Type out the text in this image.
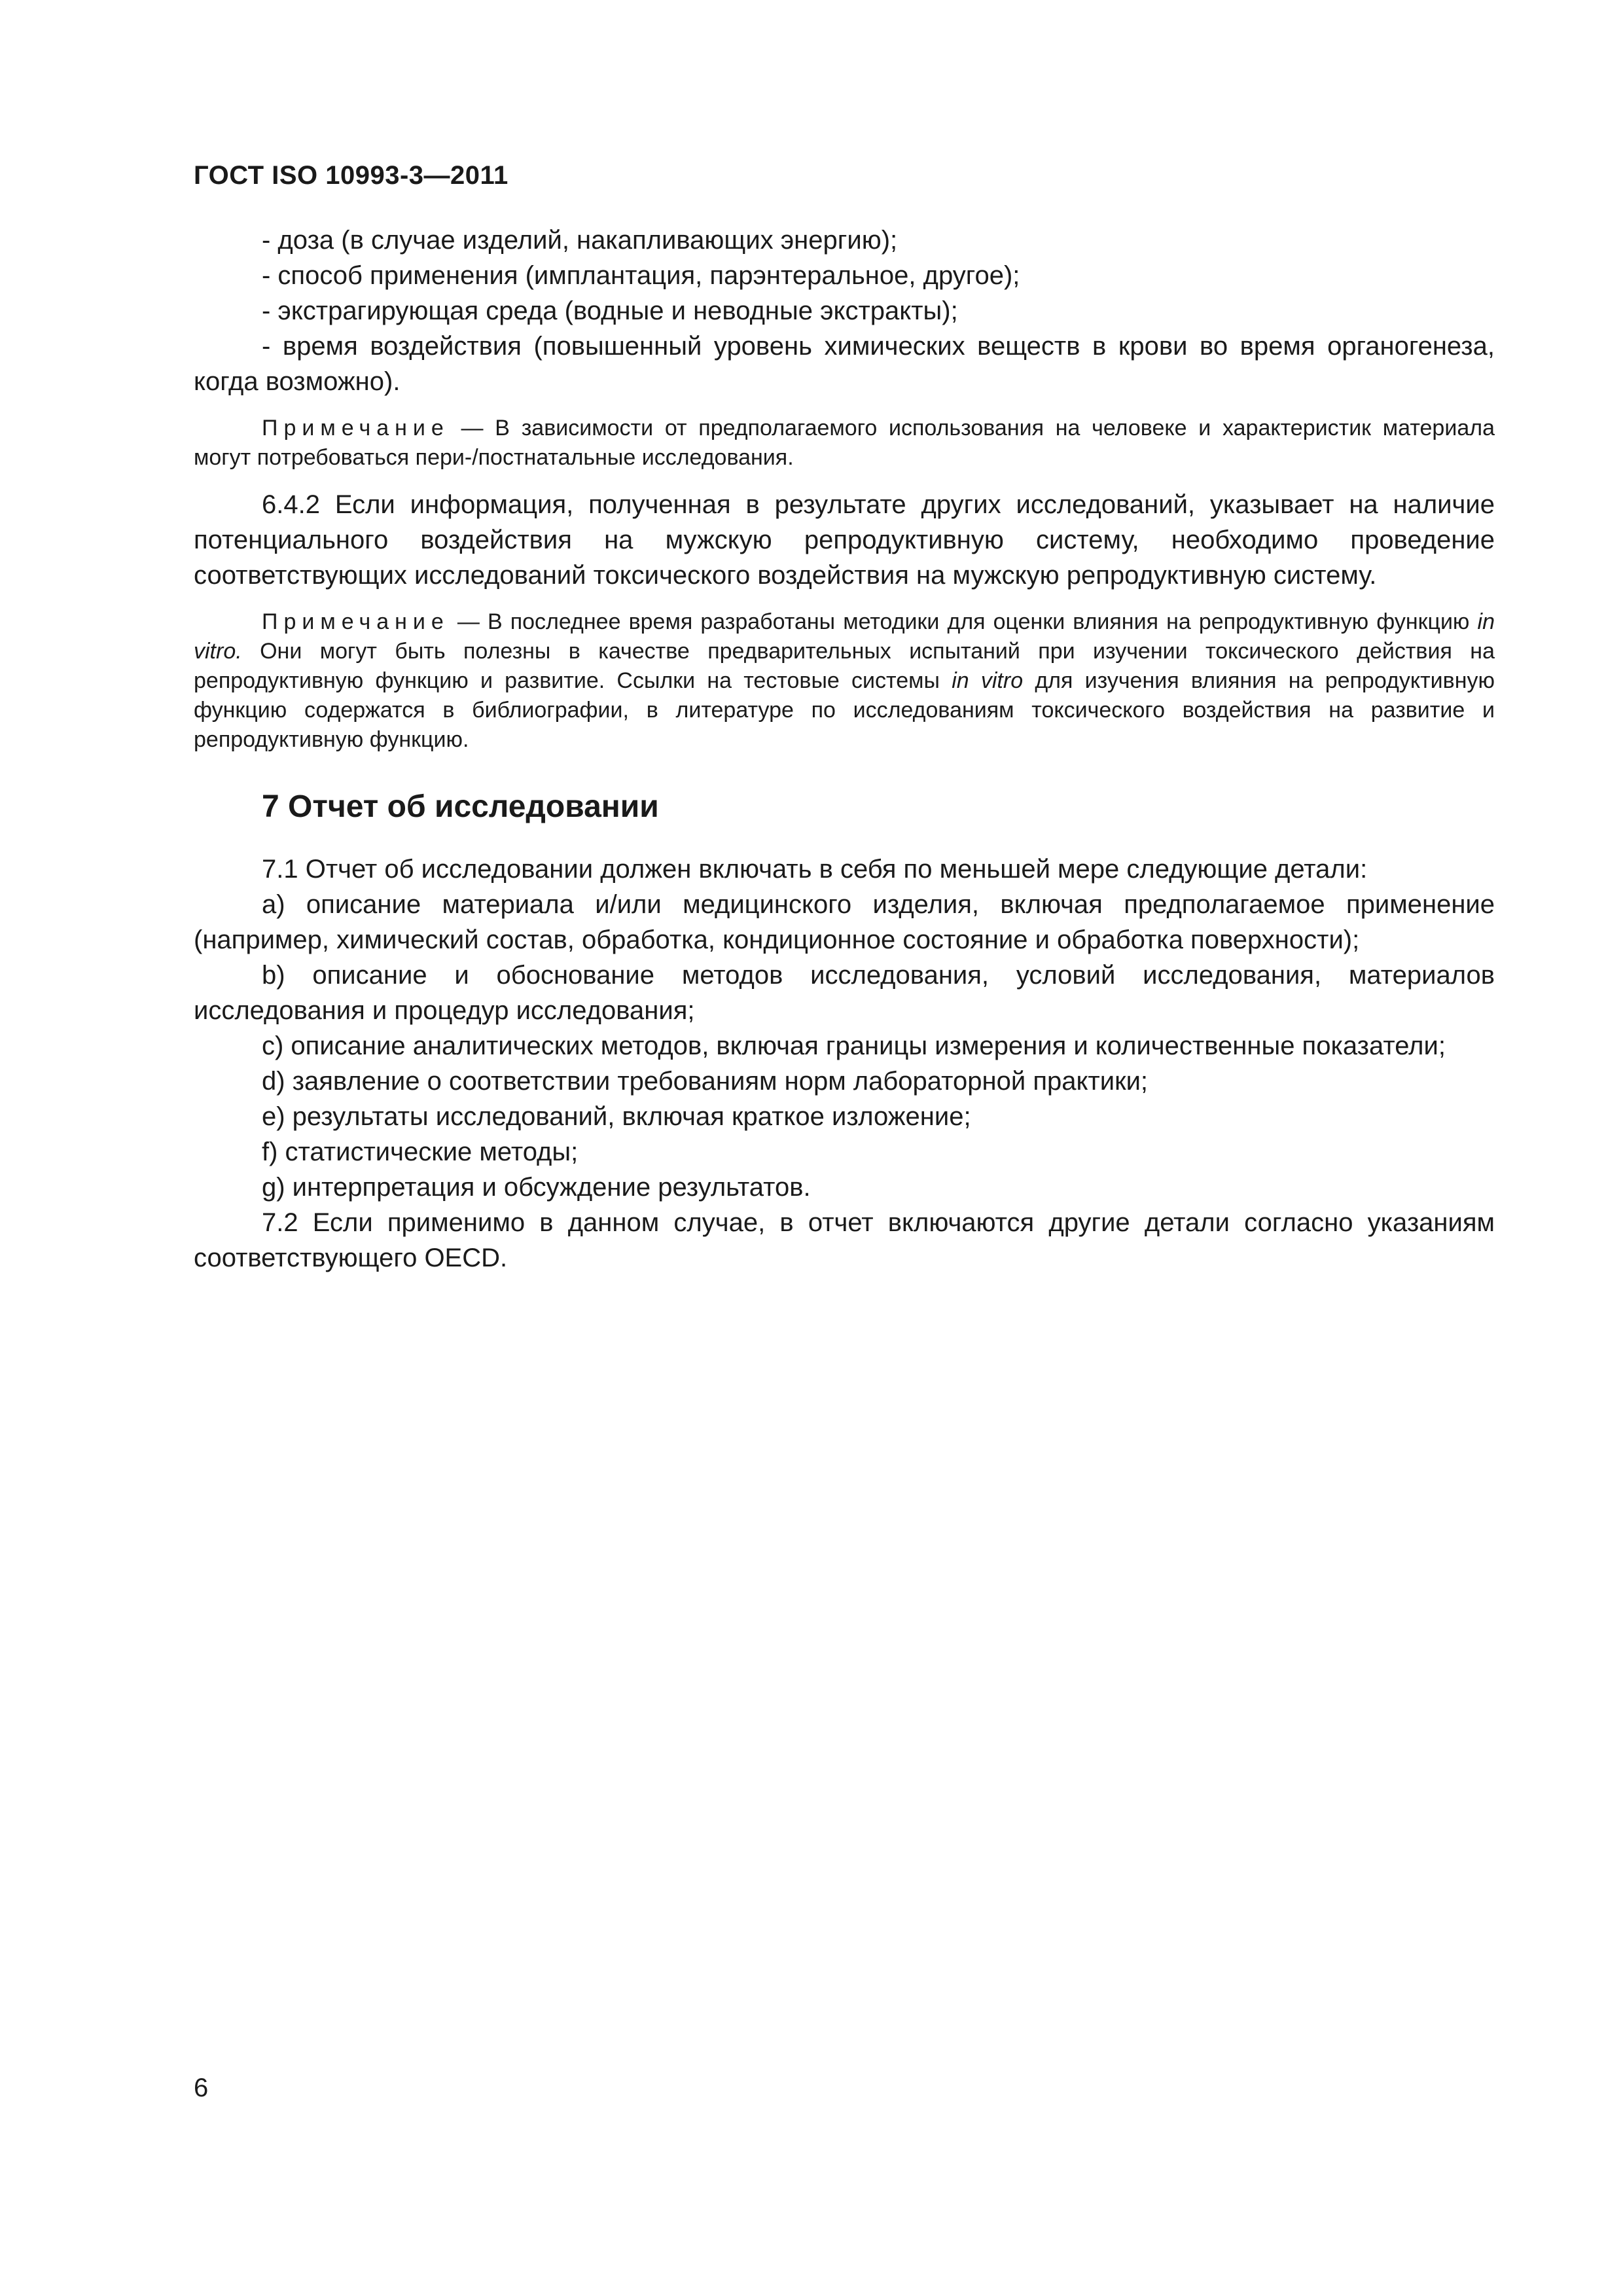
ГОСТ ISO 10993-3—2011

- доза (в случае изделий, накапливающих энергию);

- способ применения (имплантация, парэнтеральное, другое);

- экстрагирующая среда (водные и неводные экстракты);

- время воздействия (повышенный уровень химических веществ в крови во время органогенеза, когда возможно).

Примечание — В зависимости от предполагаемого использования на человеке и характеристик материала могут потребоваться пери-/постнатальные исследования.

6.4.2 Если информация, полученная в результате других исследований, указывает на наличие потенциального воздействия на мужскую репродуктивную систему, необходимо проведение соответствующих исследований токсического воздействия на мужскую репродуктивную систему.

Примечание — В последнее время разработаны методики для оценки влияния на репродуктивную функцию in vitro. Они могут быть полезны в качестве предварительных испытаний при изучении токсического действия на репродуктивную функцию и развитие. Ссылки на тестовые системы in vitro для изучения влияния на репродуктивную функцию содержатся в библиографии, в литературе по исследованиям токсического воздействия на развитие и репродуктивную функцию.

7 Отчет об исследовании

7.1 Отчет об исследовании должен включать в себя по меньшей мере следующие детали:

a) описание материала и/или медицинского изделия, включая предполагаемое применение (например, химический состав, обработка, кондиционное состояние и обработка поверхности);

b) описание и обоснование методов исследования, условий исследования, материалов исследования и процедур исследования;

c) описание аналитических методов, включая границы измерения и количественные показатели;

d) заявление о соответствии требованиям норм лабораторной практики;

e) результаты исследований, включая краткое изложение;

f) статистические методы;

g) интерпретация и обсуждение результатов.

7.2 Если применимо в данном случае, в отчет включаются другие детали согласно указаниям соответствующего OECD.

6
